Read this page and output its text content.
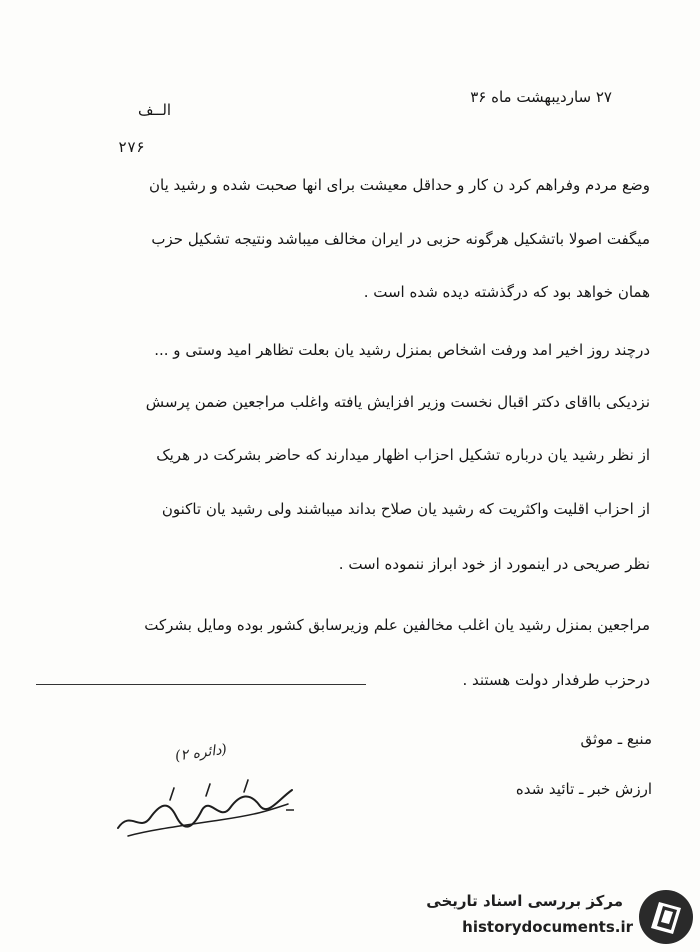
۲۷ ساردیبهشت ماه ۳۶
الــف
۲۷۶
وضع مردم وفراهم کرد ن کار و حداقل معیشت برای انها صحبت شده و رشید یان
میگفت اصولا باتشکیل هرگونه حزبی در ایران مخالف میباشد ونتیجه تشکیل حزب
همان خواهد بود که درگذشته دیده شده است .
درچند روز اخیر امد ورفت اشخاص بمنزل رشید یان بعلت تظاهر امید وستی و ...
نزدیکی بااقای دکتر اقبال نخست وزیر افزایش یافته واغلب مراجعین ضمن پرسش
از نظر رشید یان درباره تشکیل احزاب اظهار میدارند که حاضر بشرکت در هریک
از احزاب اقلیت واکثریت که رشید یان صلاح بداند میباشند ولی رشید یان تاکنون
نظر صریحی در اینمورد از خود ابراز ننموده است .
مراجعین بمنزل رشید یان اغلب مخالفین علم وزیرسابق کشور بوده ومایل بشرکت
درحزب طرفدار دولت هستند .
منبع ـ موثق
ارزش خبر ـ تائید شده
(دائره ۲)
مرکز بررسی اسناد تاریخی
historydocuments.ir
